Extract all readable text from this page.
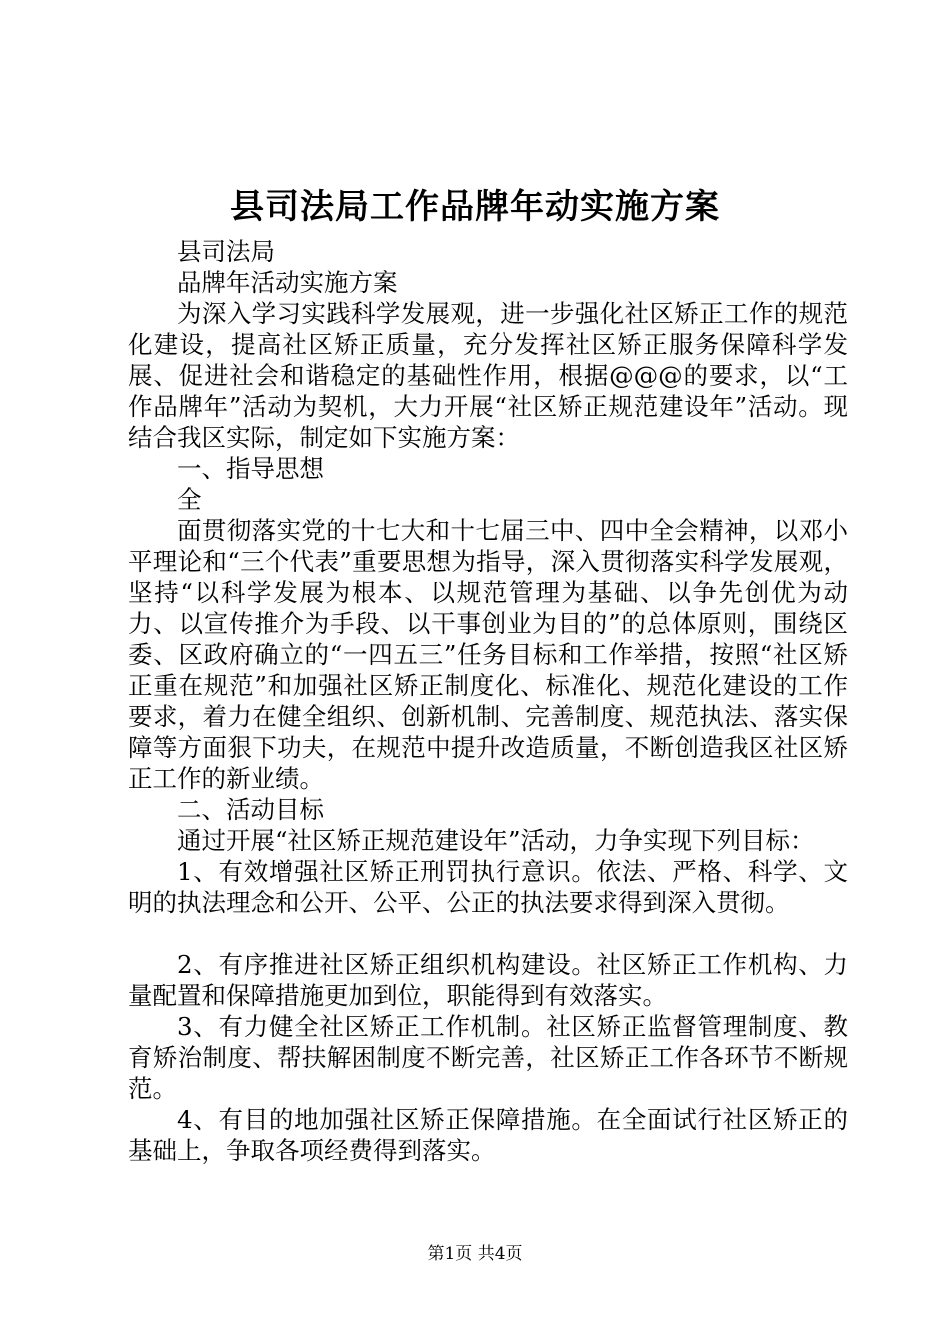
县司法局工作品牌年动实施方案

县司法局

品牌年活动实施方案

为深入学习实践科学发展观，进一步强化社区矫正工作的规范化建设，提高社区矫正质量，充分发挥社区矫正服务保障科学发展、促进社会和谐稳定的基础性作用，根据@@@的要求，以“工作品牌年”活动为契机，大力开展“社区矫正规范建设年”活动。现结合我区实际，制定如下实施方案：

一、指导思想

全

面贯彻落实党的十七大和十七届三中、四中全会精神，以邓小平理论和“三个代表”重要思想为指导，深入贯彻落实科学发展观，坚持“以科学发展为根本、以规范管理为基础、以争先创优为动力、以宣传推介为手段、以干事创业为目的”的总体原则，围绕区委、区政府确立的“一四五三”任务目标和工作举措，按照“社区矫正重在规范”和加强社区矫正制度化、标准化、规范化建设的工作要求，着力在健全组织、创新机制、完善制度、规范执法、落实保障等方面狠下功夫，在规范中提升改造质量，不断创造我区社区矫正工作的新业绩。

二、活动目标

通过开展“社区矫正规范建设年”活动，力争实现下列目标：

1、有效增强社区矫正刑罚执行意识。依法、严格、科学、文明的执法理念和公开、公平、公正的执法要求得到深入贯彻。

2、有序推进社区矫正组织机构建设。社区矫正工作机构、力量配置和保障措施更加到位，职能得到有效落实。

3、有力健全社区矫正工作机制。社区矫正监督管理制度、教育矫治制度、帮扶解困制度不断完善，社区矫正工作各环节不断规范。

4、有目的地加强社区矫正保障措施。在全面试行社区矫正的基础上，争取各项经费得到落实。

第1页 共4页
